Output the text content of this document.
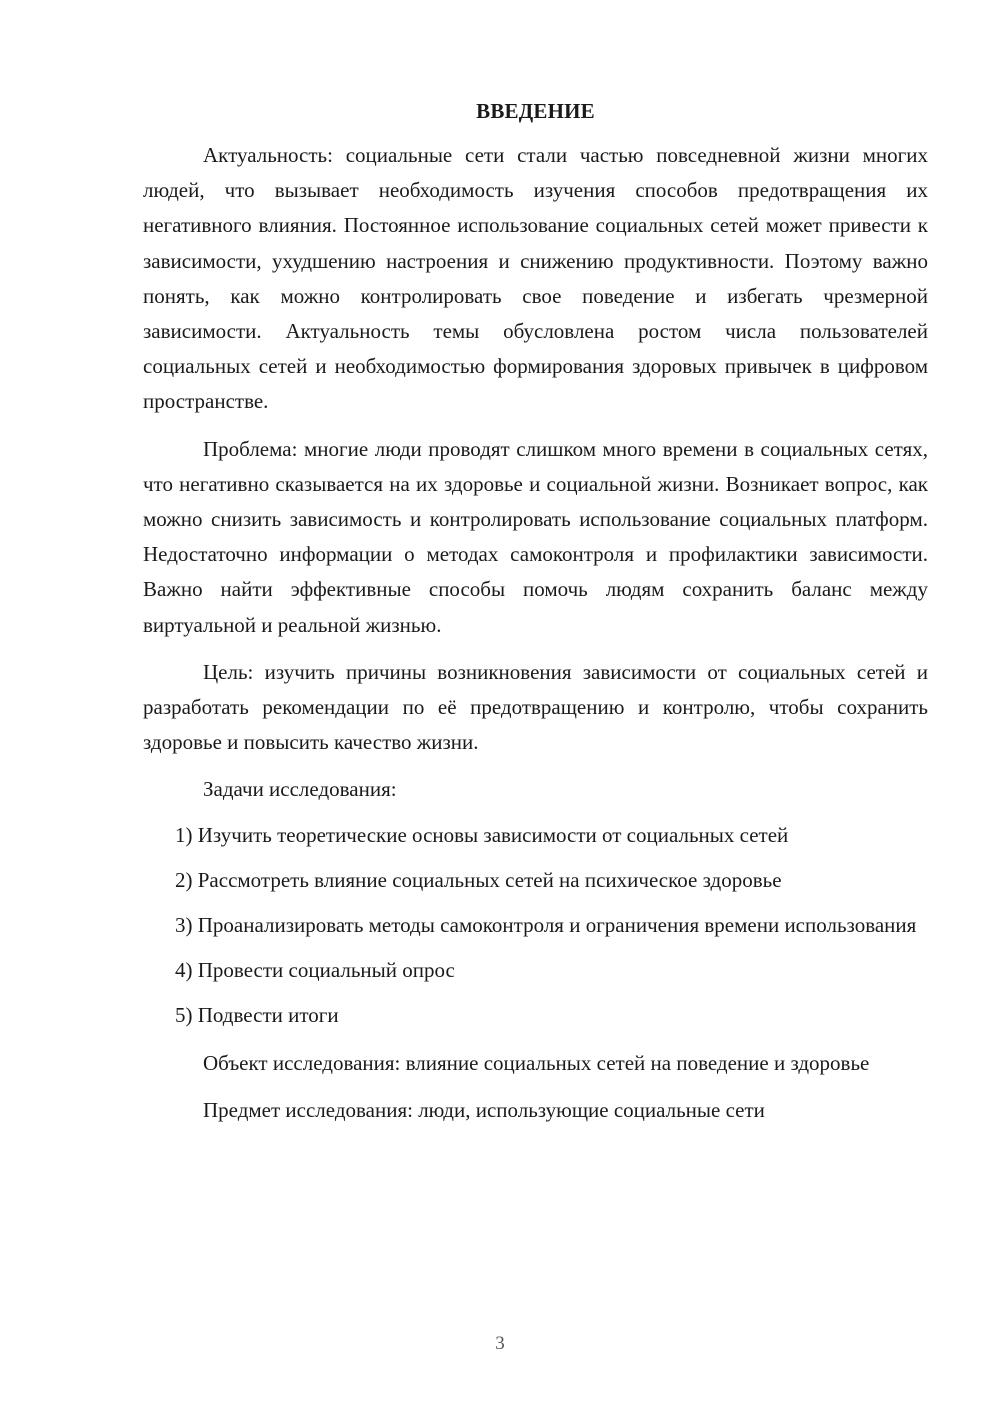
ВВЕДЕНИЕ

Актуальность: социальные сети стали частью повседневной жизни многих людей, что вызывает необходимость изучения способов предотвращения их негативного влияния. Постоянное использование социальных сетей может привести к зависимости, ухудшению настроения и снижению продуктивности. Поэтому важно понять, как можно контролировать свое поведение и избегать чрезмерной зависимости. Актуальность темы обусловлена ростом числа пользователей социальных сетей и необходимостью формирования здоровых привычек в цифровом пространстве.

Проблема: многие люди проводят слишком много времени в социальных сетях, что негативно сказывается на их здоровье и социальной жизни. Возникает вопрос, как можно снизить зависимость и контролировать использование социальных платформ. Недостаточно информации о методах самоконтроля и профилактики зависимости. Важно найти эффективные способы помочь людям сохранить баланс между виртуальной и реальной жизнью.

Цель: изучить причины возникновения зависимости от социальных сетей и разработать рекомендации по её предотвращению и контролю, чтобы сохранить здоровье и повысить качество жизни.

Задачи исследования:

1) Изучить теоретические основы зависимости от социальных сетей

2) Рассмотреть влияние социальных сетей на психическое здоровье

3) Проанализировать методы самоконтроля и ограничения времени использования

4) Провести социальный опрос

5) Подвести итоги

Объект исследования: влияние социальных сетей на поведение и здоровье

Предмет исследования: люди, использующие социальные сети

3
